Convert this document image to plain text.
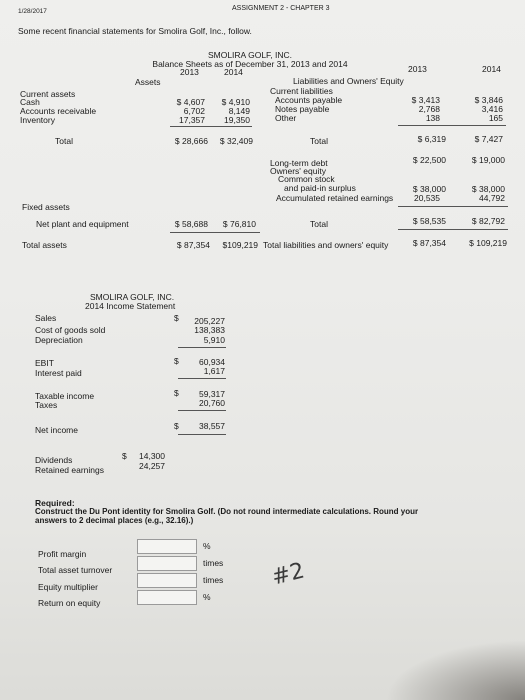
1/28/2017	ASSIGNMENT 2 - CHAPTER 3
Some recent financial statements for Smolira Golf, Inc., follow.
SMOLIRA GOLF, INC.
Balance Sheets as of December 31, 2013 and 2014
2013	2014	2013	2014
Assets	Liabilities and Owners' Equity
Current assets
Cash	$ 4,607	$ 4,910
Accounts receivable	6,702	8,149
Inventory	17,357	19,350
Total	$ 28,666	$ 32,409
Fixed assets
Net plant and equipment	$ 58,688	$ 76,810
Total assets	$ 87,354	$109,219
Current liabilities
Accounts payable	$ 3,413	$ 3,846
Notes payable	2,768	3,416
Other	138	165
Total	$ 6,319	$ 7,427
Long-term debt	$ 22,500	$ 19,000
Owners' equity
Common stock
and paid-in surplus	$ 38,000	$ 38,000
Accumulated retained earnings	20,535	44,792
Total	$ 58,535	$ 82,792
Total liabilities and owners' equity	$ 87,354	$ 109,219
SMOLIRA GOLF, INC.
2014 Income Statement
Sales	$	205,227
Cost of goods sold	138,383
Depreciation	5,910
EBIT	$	60,934
Interest paid	1,617
Taxable income	$	59,317
Taxes	20,760
Net income	$	38,557
Dividends	$	14,300
Retained earnings	24,257
Required:
Construct the Du Pont identity for Smolira Golf. (Do not round intermediate calculations. Round your
answers to 2 decimal places (e.g., 32.16).)
Profit margin
%
Total asset turnover
times
Equity multiplier
times
Return on equity
%
#2
